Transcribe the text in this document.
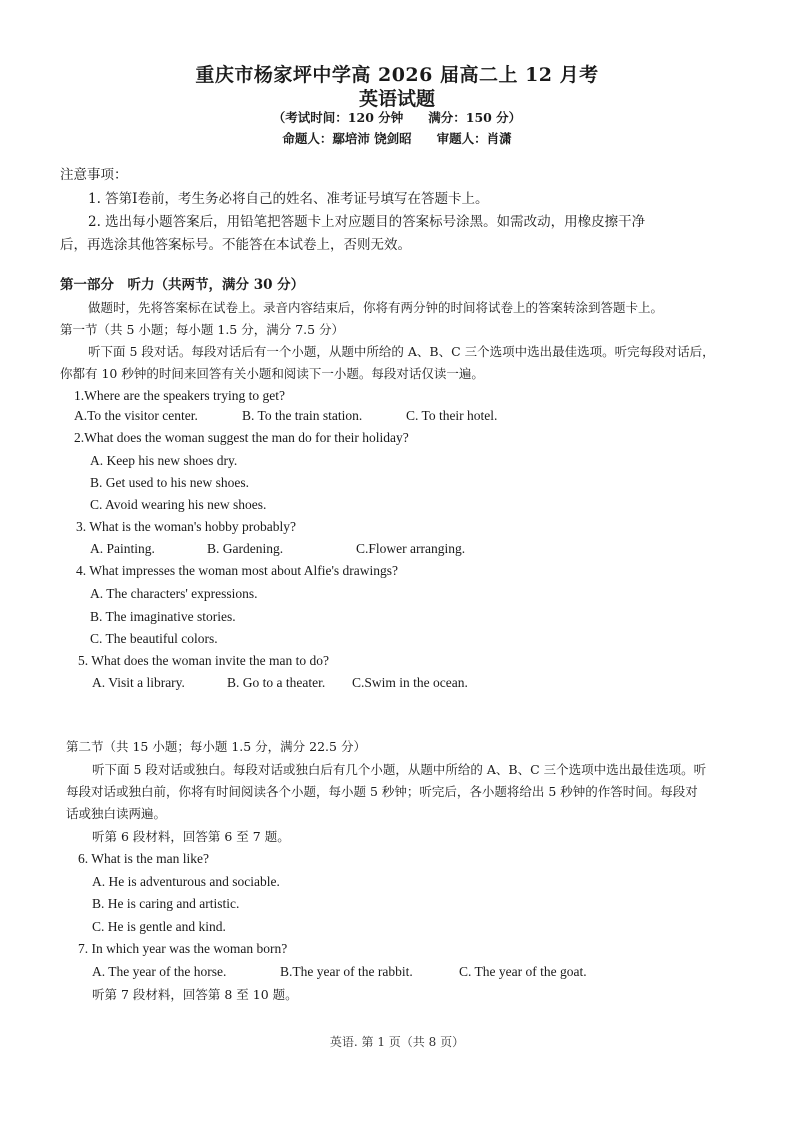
重庆市杨家坪中学高 2026 届高二上 12 月考
英语试题
（考试时间：120 分钟　　满分：150 分）
命题人：鄢培沛 饶剑昭　　审题人：肖潇
注意事项：
1. 答第Ⅰ卷前，考生务必将自己的姓名、准考证号填写在答题卡上。
2. 选出每小题答案后，用铅笔把答题卡上对应题目的答案标号涂黑。如需改动，用橡皮擦干净
后，再选涂其他答案标号。不能答在本试卷上，否则无效。
第一部分　听力（共两节，满分 30 分）
做题时，先将答案标在试卷上。录音内容结束后，你将有两分钟的时间将试卷上的答案转涂到答题卡上。
第一节（共 5 小题；每小题 1.5 分，满分 7.5 分）
听下面 5 段对话。每段对话后有一个小题，从题中所给的 A、B、C 三个选项中选出最佳选项。听完每段对话后，
你都有 10 秒钟的时间来回答有关小题和阅读下一小题。每段对话仅读一遍。
1.Where are the speakers trying to get?
A.To the visitor center.	B. To the train station.	C. To their hotel.
2.What does the woman suggest the man do for their holiday?
A. Keep his new shoes dry.
B. Get used to his new shoes.
C. Avoid wearing his new shoes.
3. What is the woman's hobby probably?
A. Painting.	B. Gardening.	C.Flower arranging.
4. What impresses the woman most about Alfie's drawings?
A. The characters' expressions.
B. The imaginative stories.
C. The beautiful colors.
5. What does the woman invite the man to do?
A. Visit a library.	B. Go to a theater. C.Swim in the ocean.
第二节（共 15 小题；每小题 1.5 分，满分 22.5 分）
听下面 5 段对话或独白。每段对话或独白后有几个小题，从题中所给的 A、B、C 三个选项中选出最佳选项。听
每段对话或独白前，你将有时间阅读各个小题，每小题 5 秒钟；听完后，各小题将给出 5 秒钟的作答时间。每段对
话或独白读两遍。
听第 6 段材料，回答第 6 至 7 题。
6. What is the man like?
A. He is adventurous and sociable.
B. He is caring and artistic.
C. He is gentle and kind.
7. In which year was the woman born?
A. The year of the horse.	B.The year of the rabbit.	C. The year of the goat.
听第 7 段材料，回答第 8 至 10 题。
英语. 第 1 页（共 8 页）
